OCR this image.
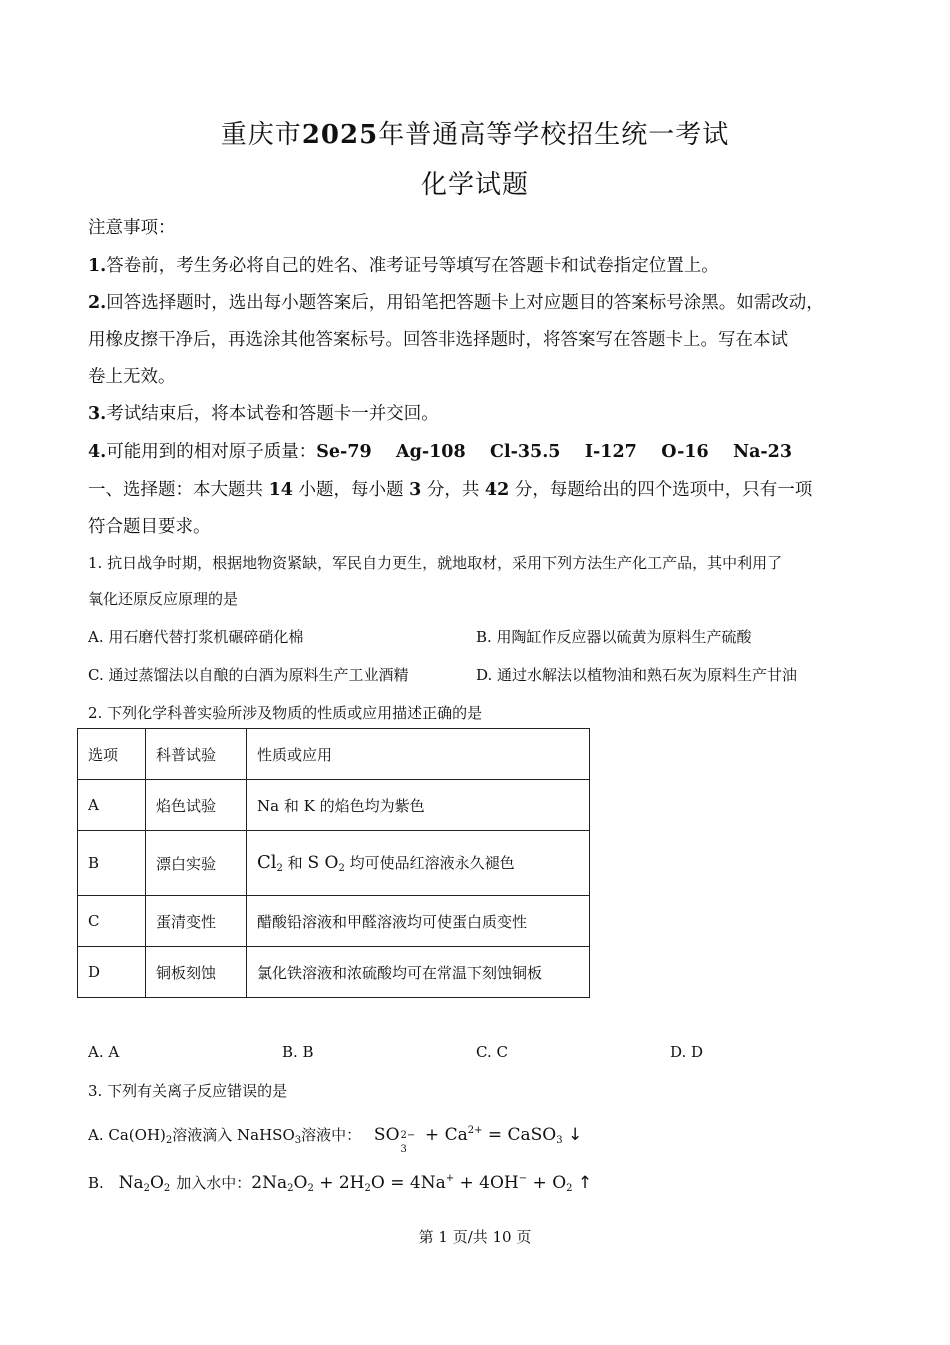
重庆市2025年普通高等学校招生统一考试
化学试题
注意事项：
1.答卷前，考生务必将自己的姓名、准考证号等填写在答题卡和试卷指定位置上。
2.回答选择题时，选出每小题答案后，用铅笔把答题卡上对应题目的答案标号涂黑。如需改动，
用橡皮擦干净后，再选涂其他答案标号。回答非选择题时，将答案写在答题卡上。写在本试
卷上无效。
3.考试结束后，将本试卷和答题卡一并交回。
4.可能用到的相对原子质量：Se-79    Ag-108    Cl-35.5    I-127    O-16    Na-23
一、选择题：本大题共 14 小题，每小题 3 分，共 42 分，每题给出的四个选项中，只有一项
符合题目要求。
1. 抗日战争时期，根据地物资紧缺，军民自力更生，就地取材，采用下列方法生产化工产品，其中利用了
氧化还原反应原理的是
A. 用石磨代替打浆机碾碎硝化棉	B. 用陶缸作反应器以硫黄为原料生产硫酸
C. 通过蒸馏法以自酿的白酒为原料生产工业酒精	D. 通过水解法以植物油和熟石灰为原料生产甘油
2. 下列化学科普实验所涉及物质的性质或应用描述正确的是
选项	科普试验	性质或应用
A	焰色试验	Na 和 K 的焰色均为紫色
B	漂白实验	$Cl_2$ 和 S $O_2$ 均可使品红溶液永久褪色
C	蛋清变性	醋酸铅溶液和甲醛溶液均可使蛋白质变性
D	铜板刻蚀	氯化铁溶液和浓硫酸均可在常温下刻蚀铜板
A. A	B. B	C. C	D. D
3. 下列有关离子反应错误的是
A. $Ca(OH)_2$溶液滴入 NaHSO$_3$溶液中： SO 2−
3
+ $Ca^{2+}$ = CaSO$_3$ ↓
B. $Na_2O_2$ 加入水中：$2Na_2O_2 + 2H_2O = 4Na^+ + 4OH^- + O_2$ ↑
第 1 页/共 10 页
